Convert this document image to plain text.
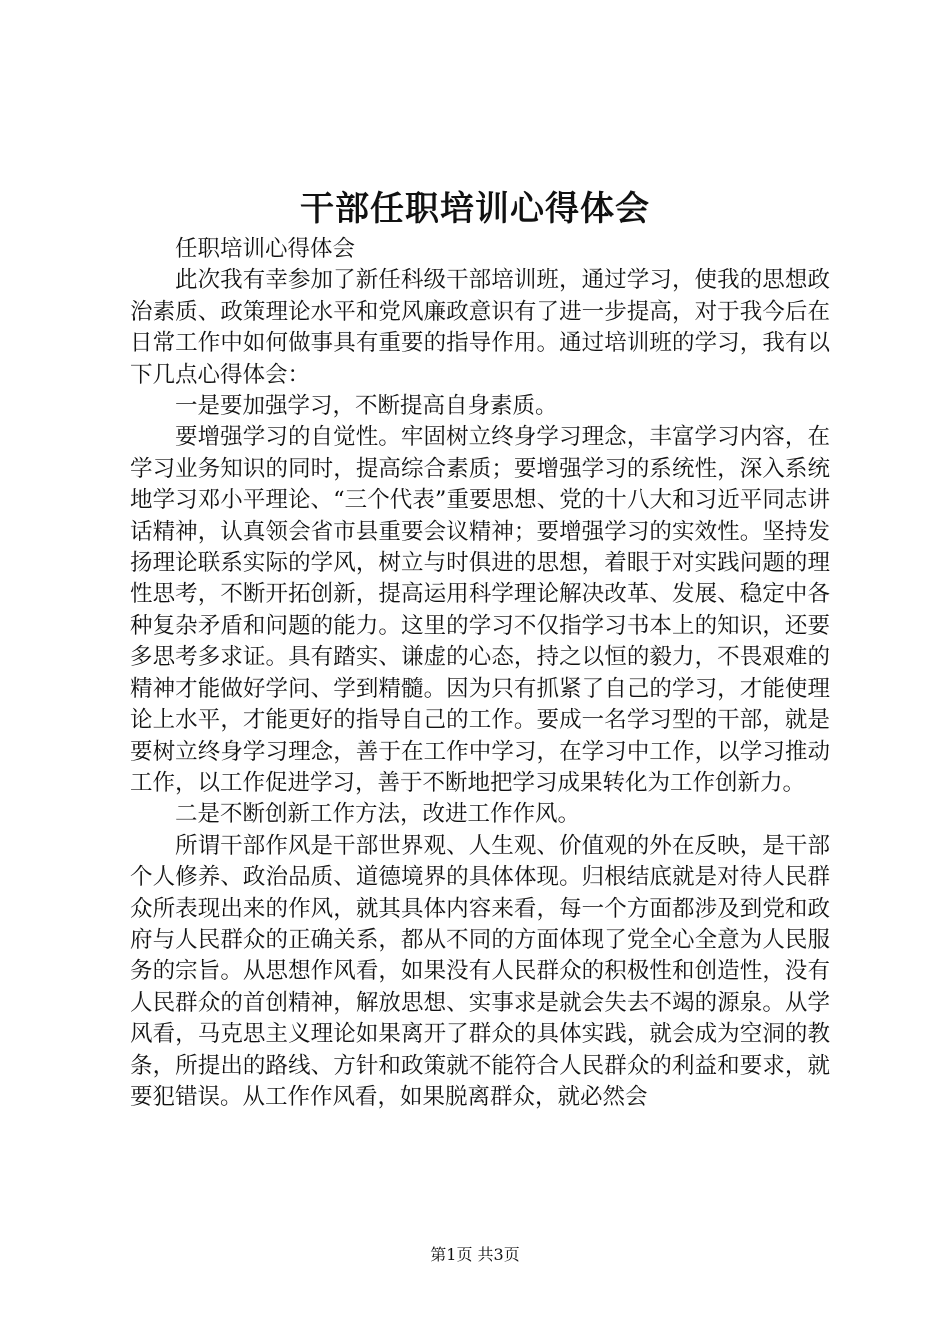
干部任职培训心得体会

任职培训心得体会

此次我有幸参加了新任科级干部培训班，通过学习，使我的思想政治素质、政策理论水平和党风廉政意识有了进一步提高，对于我今后在日常工作中如何做事具有重要的指导作用。通过培训班的学习，我有以下几点心得体会：

一是要加强学习，不断提高自身素质。

要增强学习的自觉性。牢固树立终身学习理念，丰富学习内容，在学习业务知识的同时，提高综合素质；要增强学习的系统性，深入系统地学习邓小平理论、“三个代表”重要思想、党的十八大和习近平同志讲话精神，认真领会省市县重要会议精神；要增强学习的实效性。坚持发扬理论联系实际的学风，树立与时俱进的思想，着眼于对实践问题的理性思考，不断开拓创新，提高运用科学理论解决改革、发展、稳定中各种复杂矛盾和问题的能力。这里的学习不仅指学习书本上的知识，还要多思考多求证。具有踏实、谦虚的心态，持之以恒的毅力，不畏艰难的精神才能做好学问、学到精髓。因为只有抓紧了自己的学习，才能使理论上水平，才能更好的指导自己的工作。要成一名学习型的干部，就是要树立终身学习理念，善于在工作中学习，在学习中工作，以学习推动工作，以工作促进学习，善于不断地把学习成果转化为工作创新力。

二是不断创新工作方法，改进工作作风。

所谓干部作风是干部世界观、人生观、价值观的外在反映，是干部个人修养、政治品质、道德境界的具体体现。归根结底就是对待人民群众所表现出来的作风，就其具体内容来看，每一个方面都涉及到党和政府与人民群众的正确关系，都从不同的方面体现了党全心全意为人民服务的宗旨。从思想作风看，如果没有人民群众的积极性和创造性，没有人民群众的首创精神，解放思想、实事求是就会失去不竭的源泉。从学风看，马克思主义理论如果离开了群众的具体实践，就会成为空洞的教条，所提出的路线、方针和政策就不能符合人民群众的利益和要求，就要犯错误。从工作作风看，如果脱离群众，就必然会

第1页 共3页
